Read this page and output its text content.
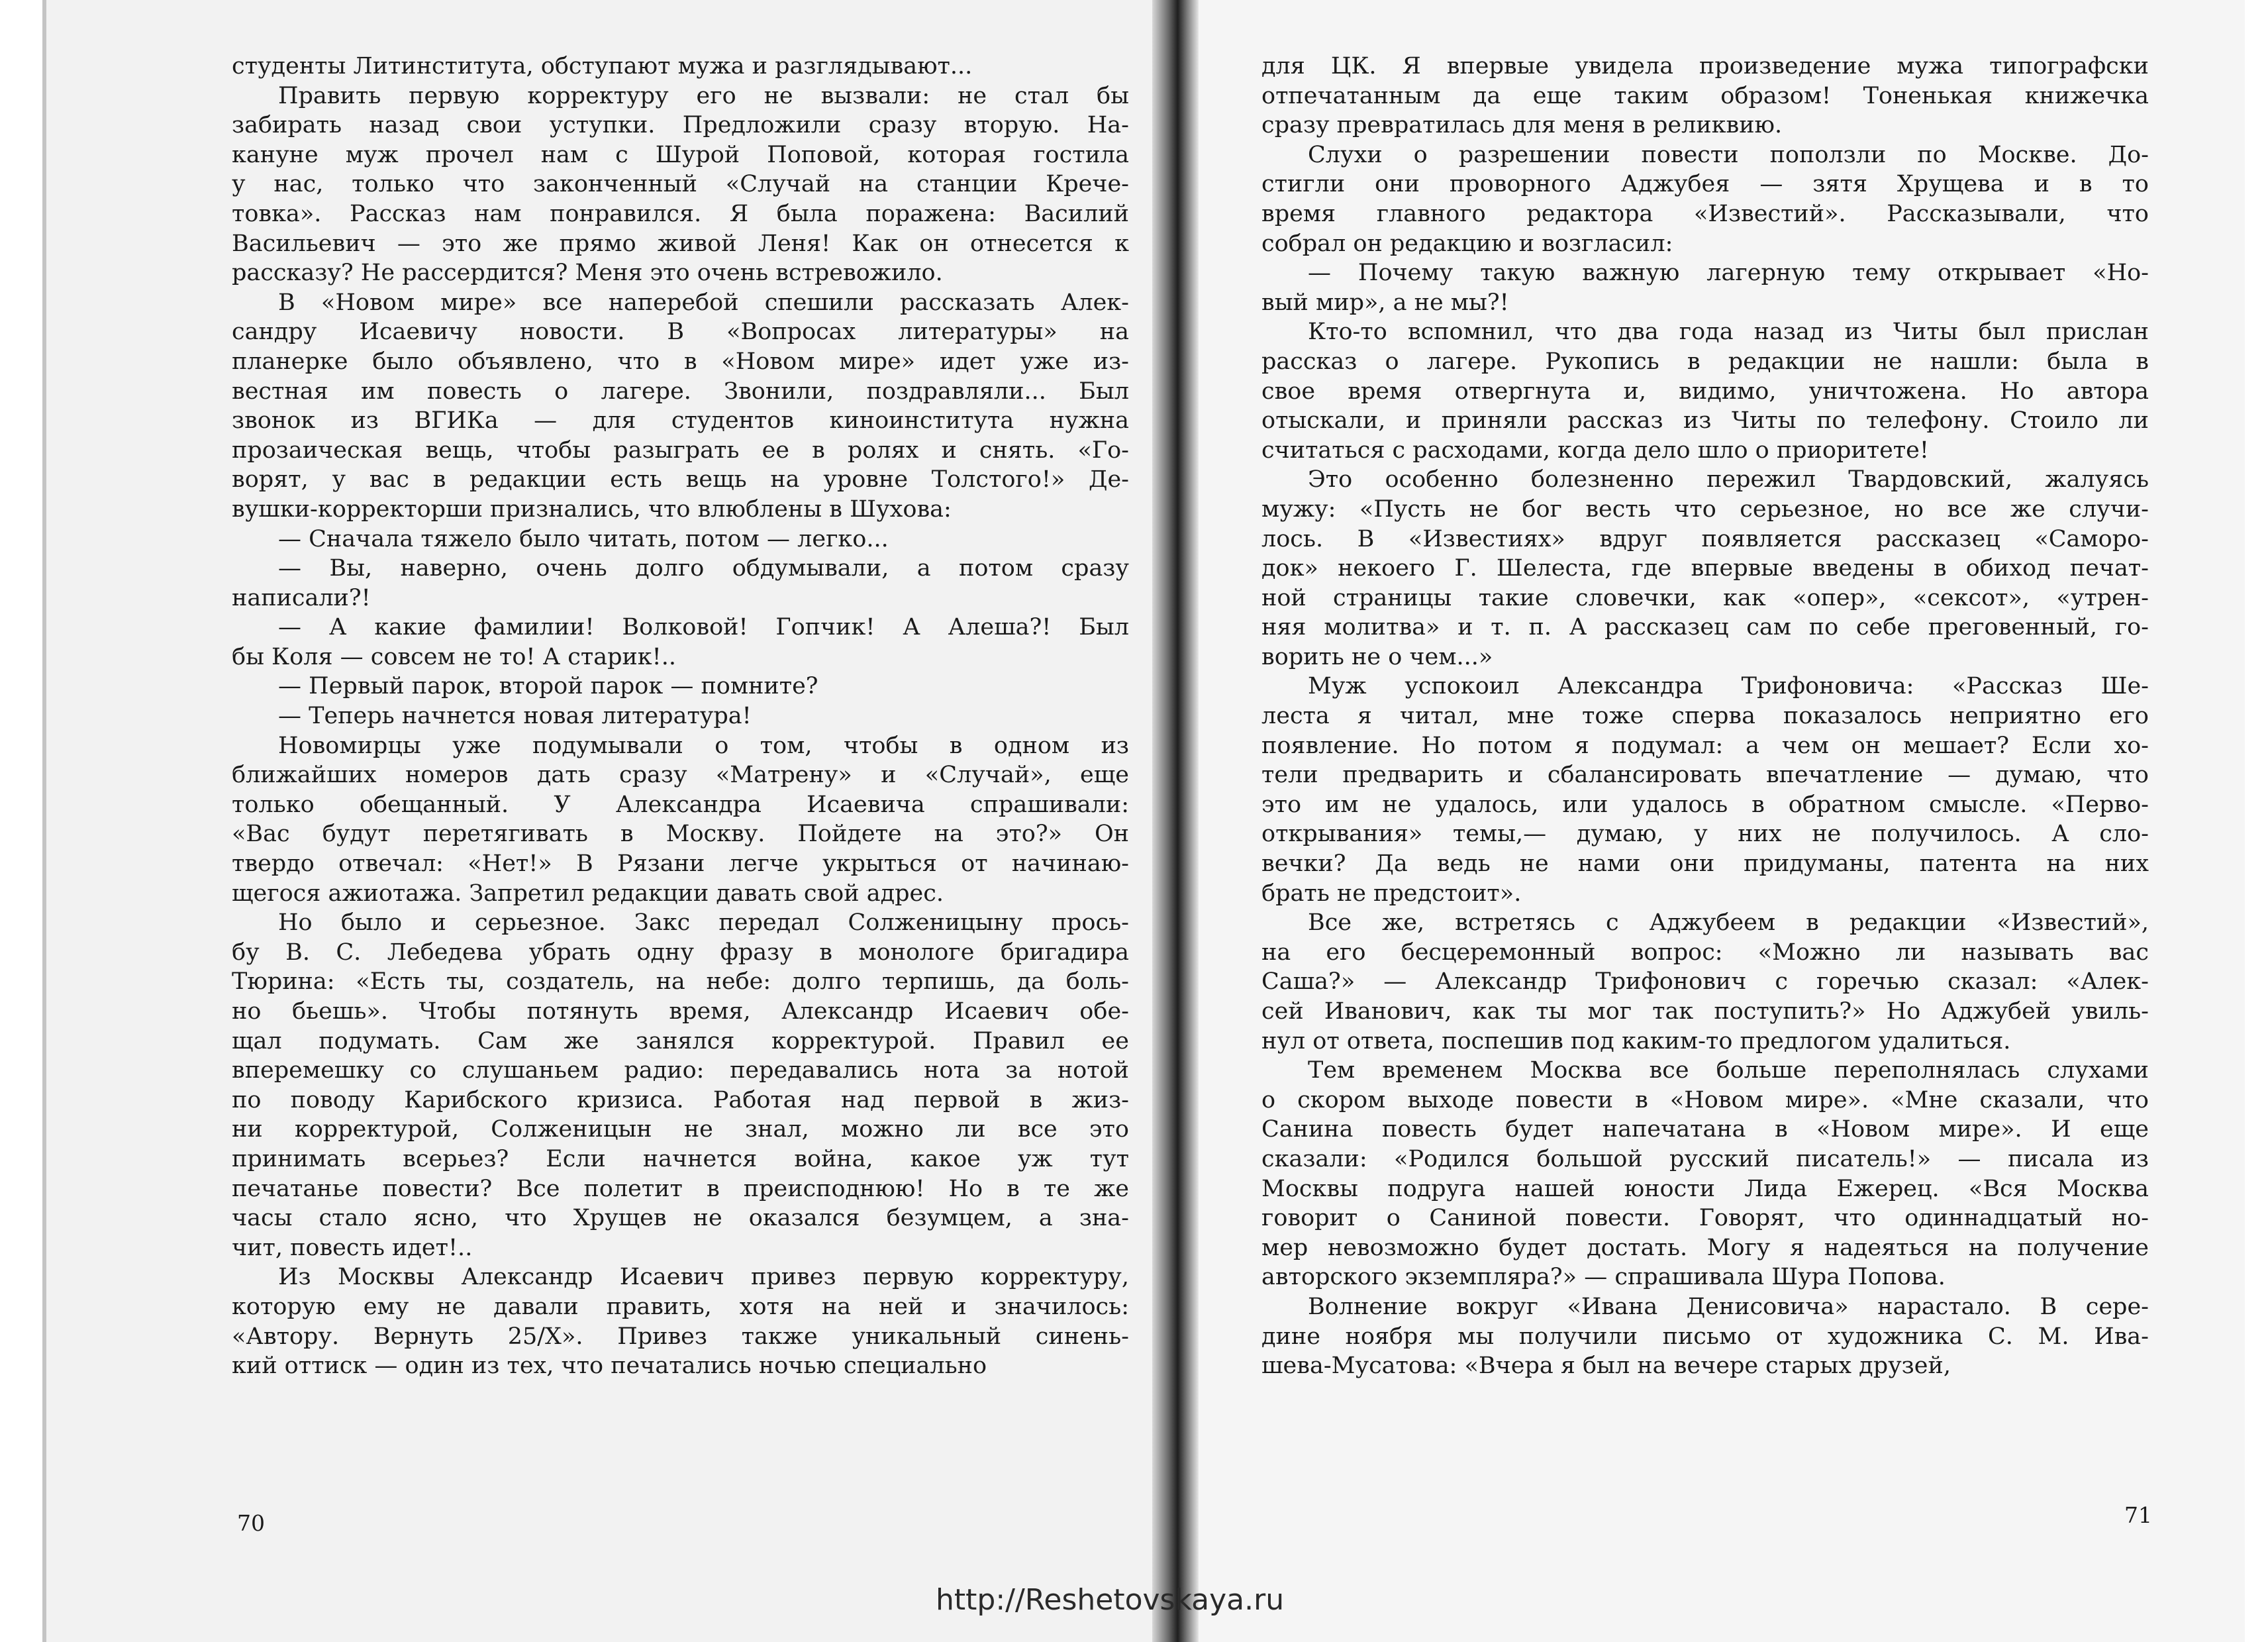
студенты Литинститута, обступают мужа и разглядывают...
Править первую корректуру его не вызвали: не стал бы
забирать назад свои уступки. Предложили сразу вторую. На-
кануне муж прочел нам с Шурой Поповой, которая гостила
у нас, только что законченный «Случай на станции Кречe-
товка». Рассказ нам понравился. Я была поражена: Василий
Васильевич — это же прямо живой Леня! Как он отнесется к
рассказу? Не рассердится? Меня это очень встревожило.
В «Новом мире» все наперебой спешили рассказать Алек-
сандру Исаевичу новости. В «Вопросах литературы» на
планерке было объявлено, что в «Новом мире» идет уже из-
вестная им повесть о лагере. Звонили, поздравляли... Был
звонок из ВГИКа — для студентов киноинститута нужна
прозаическая вещь, чтобы разыграть ее в ролях и снять. «Го-
ворят, у вас в редакции есть вещь на уровне Толстого!» Де-
вушки-корректорши признались, что влюблены в Шухова:
— Сначала тяжело было читать, потом — легко...
— Вы, наверно, очень долго обдумывали, а потом сразу
написали?!
— А какие фамилии! Волковой! Гопчик! А Алеша?! Был
бы Коля — совсем не то! А старик!..
— Первый парок, второй парок — помните?
— Теперь начнется новая литература!
Новомирцы уже подумывали о том, чтобы в одном из
ближайших номеров дать сразу «Матрену» и «Случай», еще
только обещанный. У Александра Исаевича спрашивали:
«Вас будут перетягивать в Москву. Пойдете на это?» Он
твердо отвечал: «Нет!» В Рязани легче укрыться от начинаю-
щегося ажиотажа. Запретил редакции давать свой адрес.
Но было и серьезное. Закс передал Солженицыну прось-
бу В. С. Лебедева убрать одну фразу в монологе бригадира
Тюрина: «Есть ты, создатель, на небе: долго терпишь, да боль-
но бьешь». Чтобы потянуть время, Александр Исаевич обе-
щал подумать. Сам же занялся корректурой. Правил ее
вперемешку со слушаньем радио: передавались нота за нотой
по поводу Карибского кризиса. Работая над первой в жиз-
ни корректурой, Солженицын не знал, можно ли все это
принимать всерьез? Если начнется война, какое уж тут
печатанье повести? Все полетит в преисподнюю! Но в те же
часы стало ясно, что Хрущев не оказался безумцем, а зна-
чит, повесть идет!..
Из Москвы Александр Исаевич привез первую корректуру,
которую ему не давали править, хотя на ней и значилось:
«Автору. Вернуть 25/X». Привез также уникальный синень-
кий оттиск — один из тех, что печатались ночью специально
для ЦК. Я впервые увидела произведение мужа типографски
отпечатанным да еще таким образом! Тоненькая книжечка
сразу превратилась для меня в реликвию.
Слухи о разрешении повести поползли по Москве. До-
стигли они проворного Аджубея — зятя Хрущева и в то
время главного редактора «Известий». Рассказывали, что
собрал он редакцию и возгласил:
— Почему такую важную лагерную тему открывает «Но-
вый мир», а не мы?!
Кто-то вспомнил, что два года назад из Читы был прислан
рассказ о лагере. Рукопись в редакции не нашли: была в
свое время отвергнута и, видимо, уничтожена. Но автора
отыскали, и приняли рассказ из Читы по телефону. Стоило ли
считаться с расходами, когда дело шло о приоритете!
Это особенно болезненно пережил Твардовский, жалуясь
мужу: «Пусть не бог весть что серьезное, но все же случи-
лось. В «Известиях» вдруг появляется рассказец «Саморо-
док» некоего Г. Шелеста, где впервые введены в обиход печат-
ной страницы такие словечки, как «опер», «сексот», «утрен-
няя молитва» и т. п. А рассказец сам по себе преговенный, го-
ворить не о чем...»
Муж успокоил Александра Трифоновича: «Рассказ Ше-
леста я читал, мне тоже сперва показалось неприятно его
появление. Но потом я подумал: а чем он мешает? Если хо-
тели предварить и сбалансировать впечатление — думаю, что
это им не удалось, или удалось в обратном смысле. «Перво-
открывания» темы,— думаю, у них не получилось. А сло-
вечки? Да ведь не нами они придуманы, патента на них
брать не предстоит».
Все же, встретясь с Аджубеем в редакции «Известий»,
на его бесцеремонный вопрос: «Можно ли называть вас
Саша?» — Александр Трифонович с горечью сказал: «Алек-
сей Иванович, как ты мог так поступить?» Но Аджубей увиль-
нул от ответа, поспешив под каким-то предлогом удалиться.
Тем временем Москва все больше переполнялась слухами
о скором выходе повести в «Новом мире». «Мне сказали, что
Санина повесть будет напечатана в «Новом мире». И еще
сказали: «Родился большой русский писатель!» — писала из
Москвы подруга нашей юности Лида Ежерец. «Вся Москва
говорит о Саниной повести. Говорят, что одиннадцатый но-
мер невозможно будет достать. Могу я надеяться на получение
авторского экземпляра?» — спрашивала Шура Попова.
Волнение вокруг «Ивана Денисовича» нарастало. В сере-
дине ноября мы получили письмо от художника С. М. Ива-
шева-Мусатова: «Вчера я был на вечере старых друзей,
70	71
http://Reshetovskaya.ru
